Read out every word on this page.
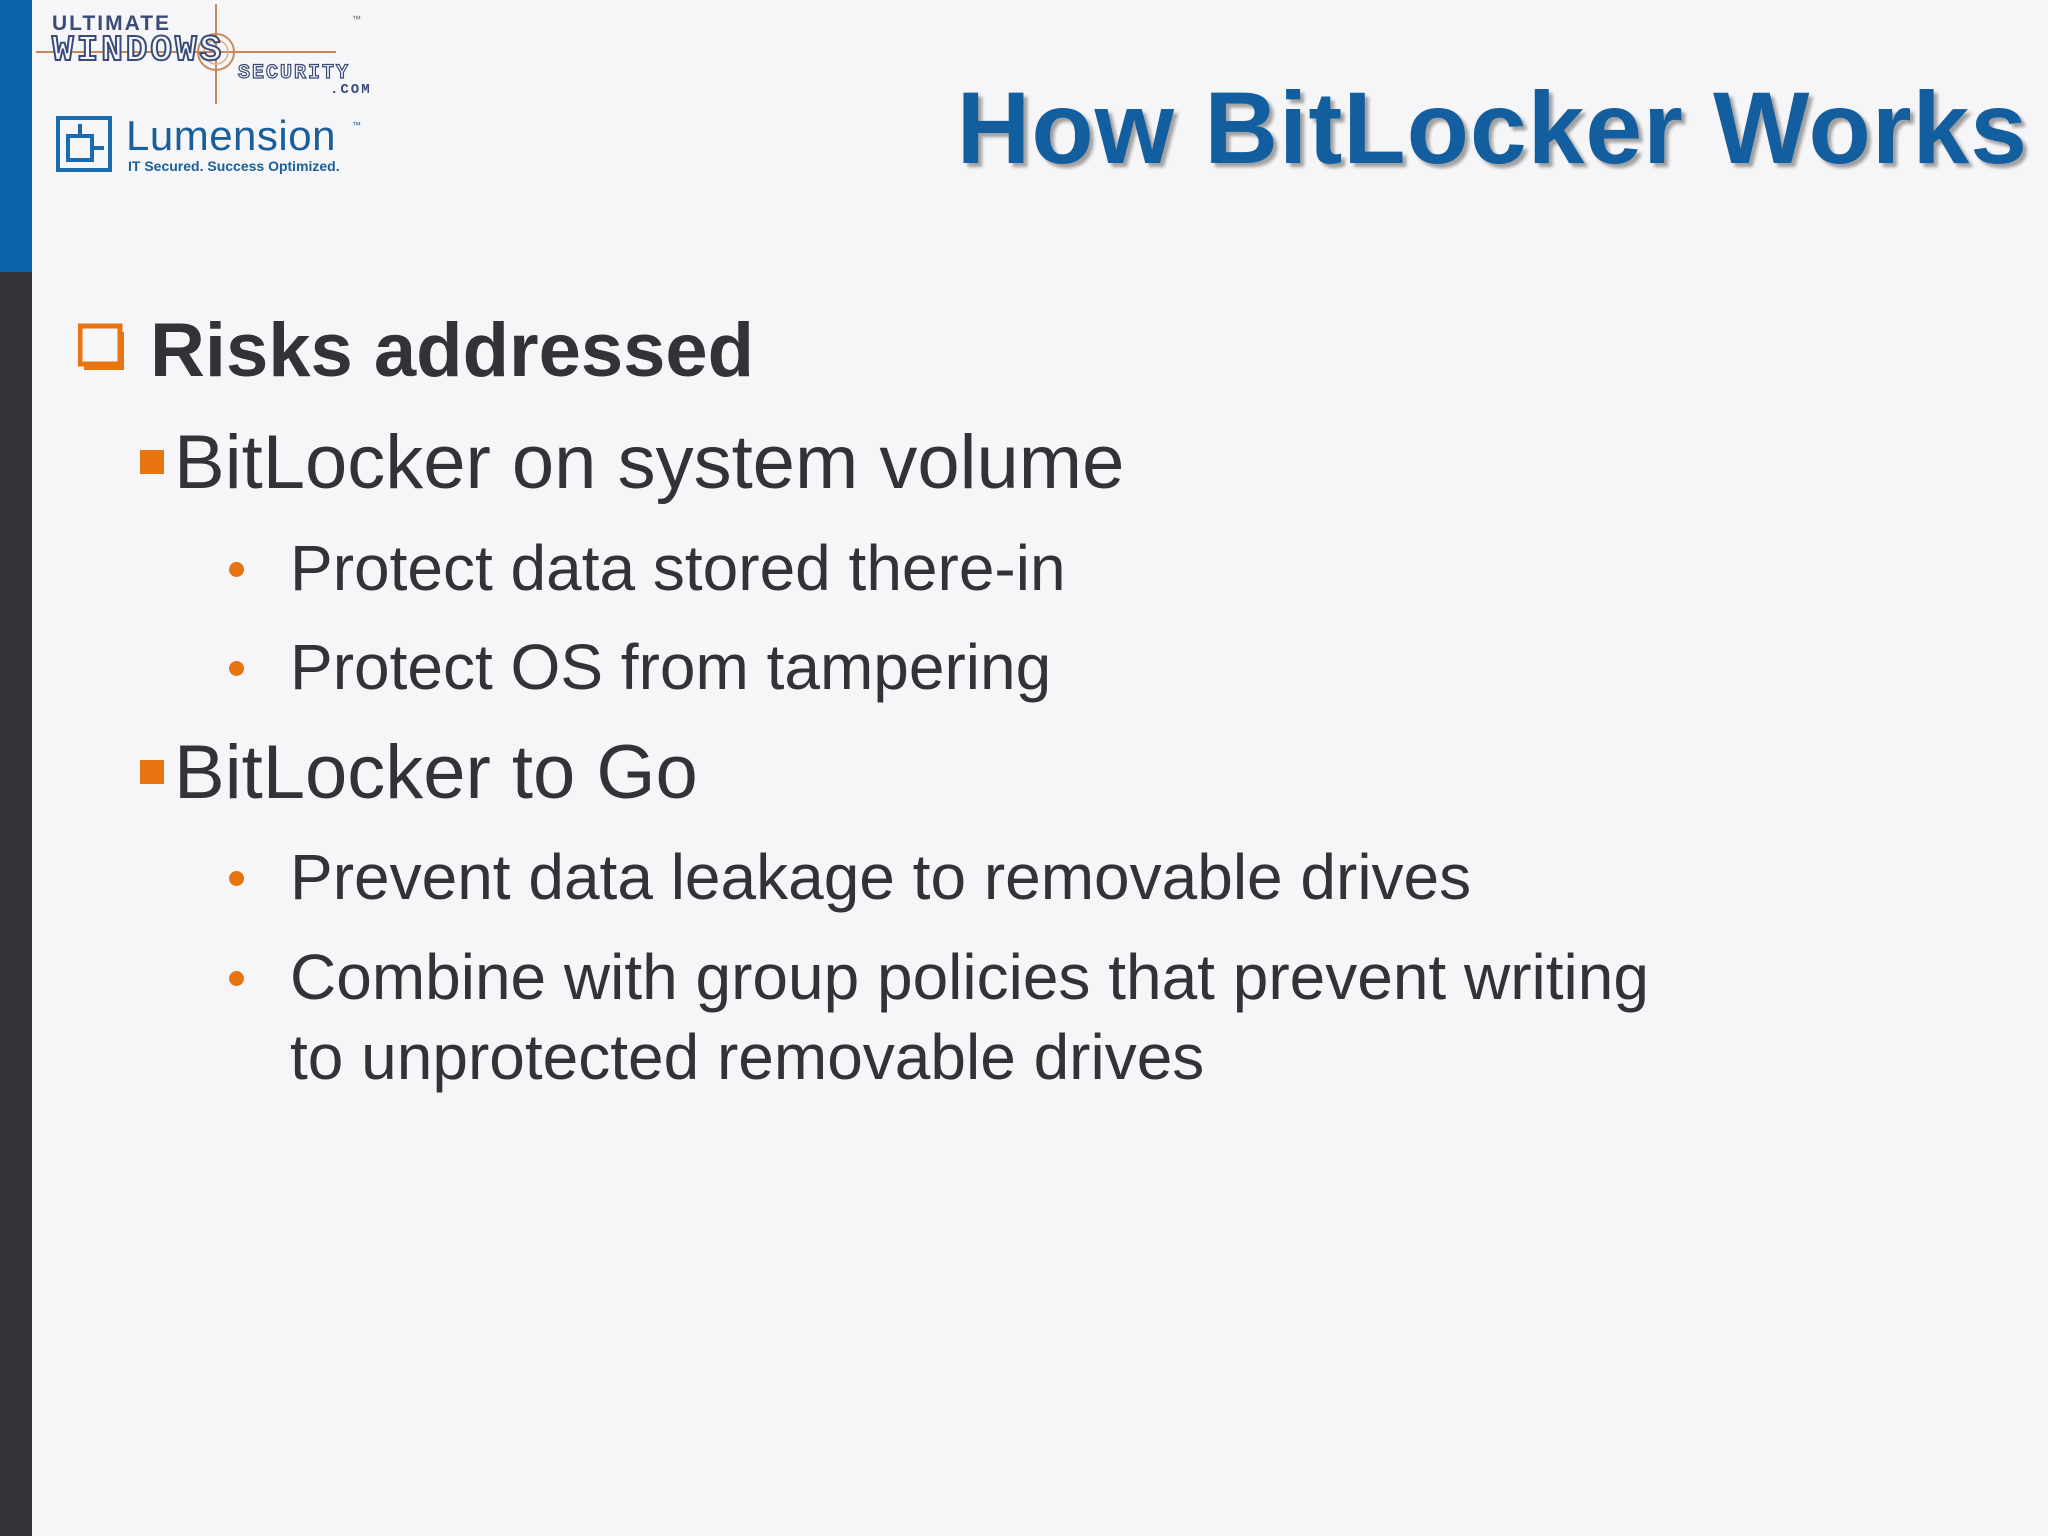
ULTIMATE
WINDOWS
SECURITY
.COM
™
Lumension ™
IT Secured. Success Optimized.	How BitLocker Works
Risks addressed
BitLocker on system volume
Protect data stored there-in
Protect OS from tampering
BitLocker to Go
Prevent data leakage to removable drives
Combine with group policies that prevent writing
to unprotected removable drives
